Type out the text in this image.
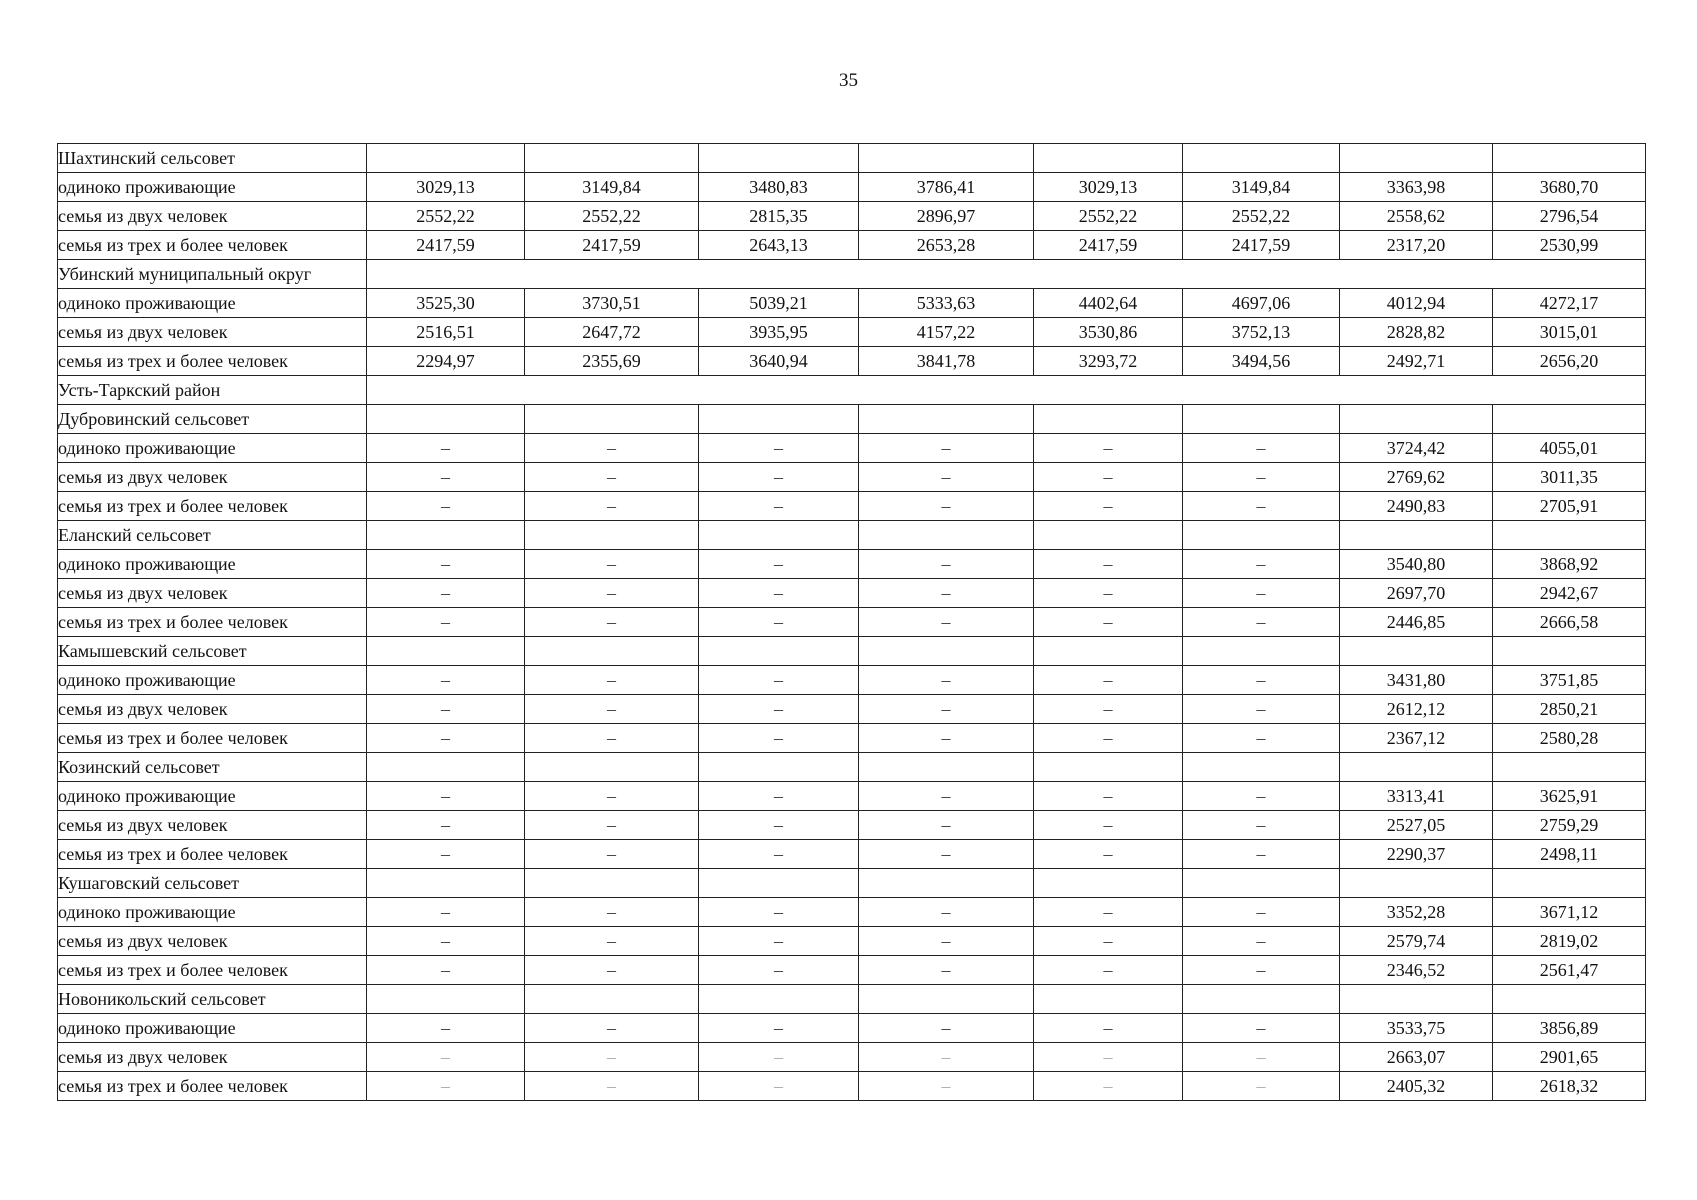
35
Шахтинский сельсовет								
одиноко проживающие	3029,13	3149,84	3480,83	3786,41	3029,13	3149,84	3363,98	3680,70
семья из двух человек	2552,22	2552,22	2815,35	2896,97	2552,22	2552,22	2558,62	2796,54
семья из трех и более человек	2417,59	2417,59	2643,13	2653,28	2417,59	2417,59	2317,20	2530,99
Убинский муниципальный округ								
одиноко проживающие	3525,30	3730,51	5039,21	5333,63	4402,64	4697,06	4012,94	4272,17
семья из двух человек	2516,51	2647,72	3935,95	4157,22	3530,86	3752,13	2828,82	3015,01
семья из трех и более человек	2294,97	2355,69	3640,94	3841,78	3293,72	3494,56	2492,71	2656,20
Усть-Таркский район								
Дубровинский сельсовет								
одиноко проживающие	–	–	–	–	–	–	3724,42	4055,01
семья из двух человек	–	–	–	–	–	–	2769,62	3011,35
семья из трех и более человек	–	–	–	–	–	–	2490,83	2705,91
Еланский сельсовет								
одиноко проживающие	–	–	–	–	–	–	3540,80	3868,92
семья из двух человек	–	–	–	–	–	–	2697,70	2942,67
семья из трех и более человек	–	–	–	–	–	–	2446,85	2666,58
Камышевский сельсовет								
одиноко проживающие	–	–	–	–	–	–	3431,80	3751,85
семья из двух человек	–	–	–	–	–	–	2612,12	2850,21
семья из трех и более человек	–	–	–	–	–	–	2367,12	2580,28
Козинский сельсовет								
одиноко проживающие	–	–	–	–	–	–	3313,41	3625,91
семья из двух человек	–	–	–	–	–	–	2527,05	2759,29
семья из трех и более человек	–	–	–	–	–	–	2290,37	2498,11
Кушаговский сельсовет								
одиноко проживающие	–	–	–	–	–	–	3352,28	3671,12
семья из двух человек	–	–	–	–	–	–	2579,74	2819,02
семья из трех и более человек	–	–	–	–	–	–	2346,52	2561,47
Новоникольский сельсовет								
одиноко проживающие	–	–	–	–	–	–	3533,75	3856,89
семья из двух человек	–	–	–	–	–	–	2663,07	2901,65
семья из трех и более человек	–	–	–	–	–	–	2405,32	2618,32
